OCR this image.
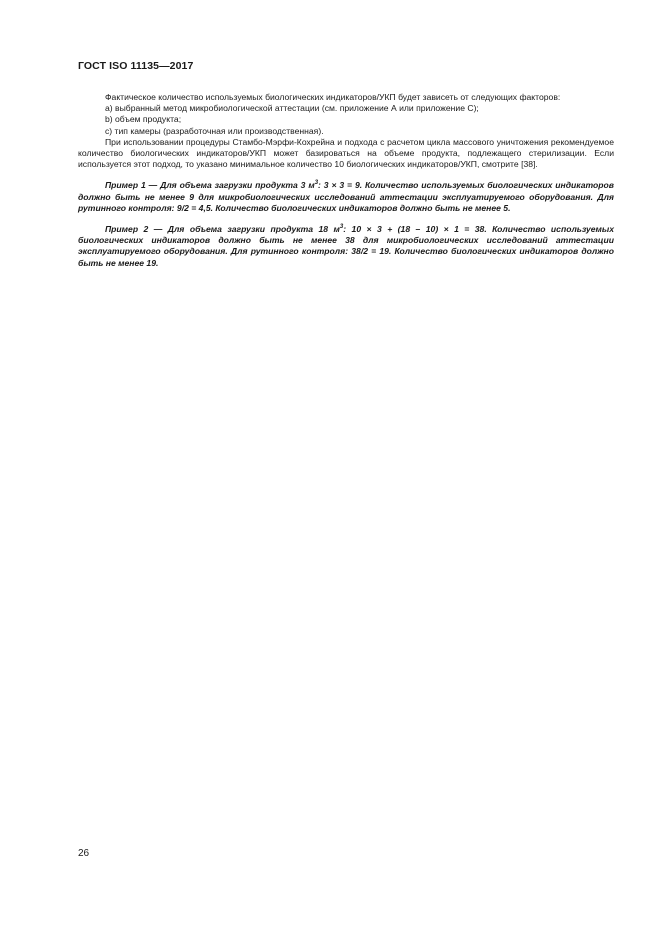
ГОСТ ISO 11135—2017

Фактическое количество используемых биологических индикаторов/УКП будет зависеть от следующих факторов:

а) выбранный метод микробиологической аттестации (см. приложение А или приложение С);

b) объем продукта;

c) тип камеры (разработочная или производственная).

При использовании процедуры Стамбо-Мэрфи-Кохрейна и подхода с расчетом цикла массового уничтожения рекомендуемое количество биологических индикаторов/УКП может базироваться на объеме продукта, подлежащего стерилизации. Если используется этот подход, то указано минимальное количество 10 биологических индикаторов/УКП, смотрите [38].

Пример 1 — Для объема загрузки продукта 3 $м^3$: 3 × 3 = 9. Количество используемых биологических индикаторов должно быть не менее 9 для микробиологических исследований аттестации эксплуатируемого оборудования. Для рутинного контроля: 9/2 = 4,5. Количество биологических индикаторов должно быть не менее 5.

Пример 2 — Для объема загрузки продукта 18 $м^3$: 10 × 3 + (18 – 10) × 1 = 38. Количество используемых биологических индикаторов должно быть не менее 38 для микробиологических исследований аттестации эксплуатируемого оборудования. Для рутинного контроля: 38/2 = 19. Количество биологических индикаторов должно быть не менее 19.

26
